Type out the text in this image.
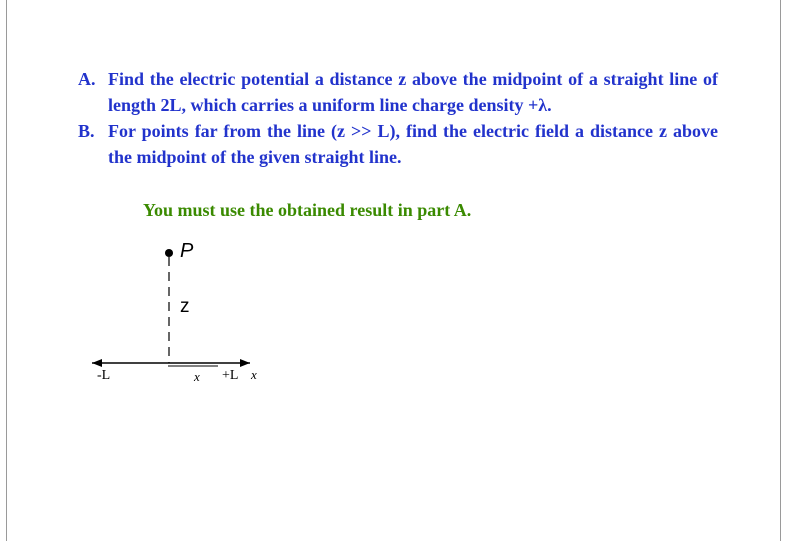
A. Find the electric potential a distance z above the midpoint of a straight line of length 2L, which carries a uniform line charge density +λ.
B. For points far from the line (z >> L), find the electric field a distance z above the midpoint of the given straight line.
You must use the obtained result in part A.
P
z
-L	x +L x
